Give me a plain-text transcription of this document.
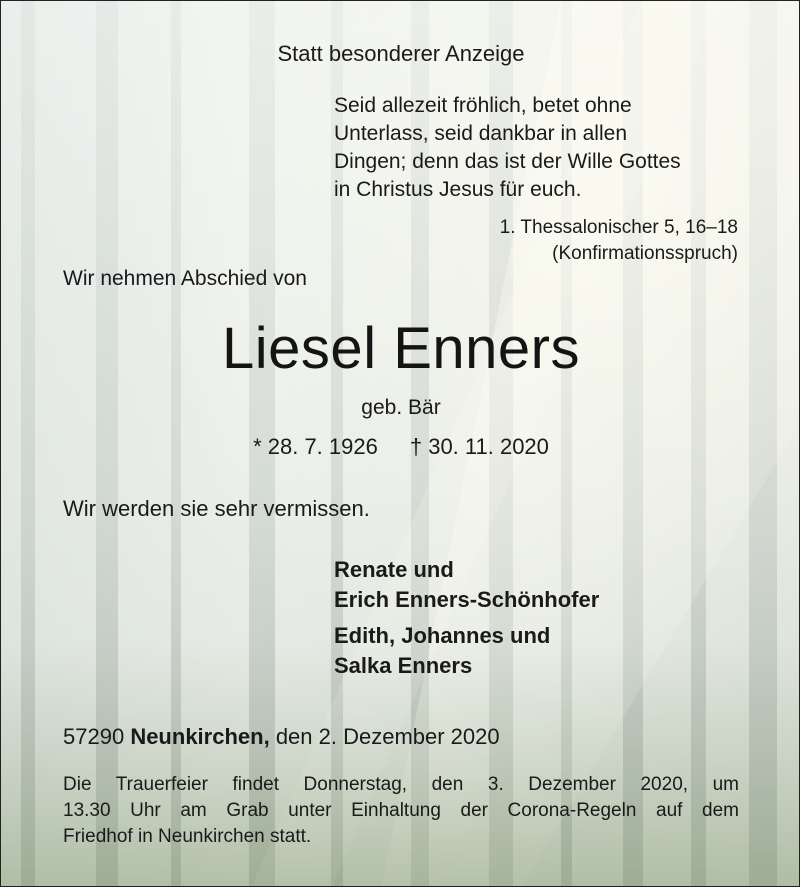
Statt besonderer Anzeige
Seid allezeit fröhlich, betet ohne
Unterlass, seid dankbar in allen
Dingen; denn das ist der Wille Gottes
in Christus Jesus für euch.
1. Thessalonischer 5, 16–18
(Konfirmationsspruch)
Wir nehmen Abschied von
Liesel Enners
geb. Bär
* 28. 7. 1926 † 30. 11. 2020
Wir werden sie sehr vermissen.
Renate und
Erich Enners-Schönhofer
Edith, Johannes und
Salka Enners
57290 Neunkirchen, den 2. Dezember 2020
Die Trauerfeier findet Donnerstag, den 3. Dezember 2020, um
13.30 Uhr am Grab unter Einhaltung der Corona-Regeln auf dem
Friedhof in Neunkirchen statt.
